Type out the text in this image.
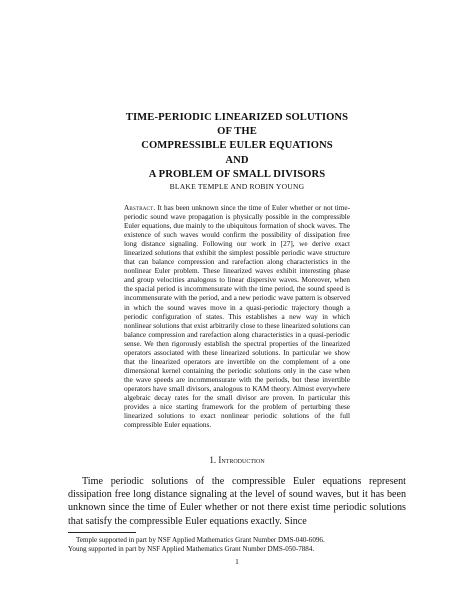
TIME-PERIODIC LINEARIZED SOLUTIONS
OF THE
COMPRESSIBLE EULER EQUATIONS
AND
A PROBLEM OF SMALL DIVISORS
BLAKE TEMPLE AND ROBIN YOUNG
Abstract. It has been unknown since the time of Euler whether or not time-periodic sound wave propagation is physically possible in the compressible Euler equations, due mainly to the ubiquitous formation of shock waves. The existence of such waves would confirm the possibility of dissipation free long distance signaling. Following our work in [27], we derive exact linearized solutions that exhibit the simplest possible periodic wave structure that can balance compression and rarefaction along characteristics in the nonlinear Euler problem. These linearized waves exhibit interesting phase and group velocities analogous to linear dispersive waves. Moreover, when the spacial period is incommensurate with the time period, the sound speed is incommensurate with the period, and a new periodic wave pattern is observed in which the sound waves move in a quasi-periodic trajectory though a periodic configuration of states. This establishes a new way in which nonlinear solutions that exist arbitrarily close to these linearized solutions can balance compression and rarefaction along characteristics in a quasi-periodic sense. We then rigorously establish the spectral properties of the linearized operators associated with these linearized solutions. In particular we show that the linearized operators are invertible on the complement of a one dimensional kernel containing the periodic solutions only in the case when the wave speeds are incommensurate with the periods, but these invertible operators have small divisors, analogous to KAM theory. Almost everywhere algebraic decay rates for the small divisor are proven. In particular this provides a nice starting framework for the problem of perturbing these linearized solutions to exact nonlinear periodic solutions of the full compressible Euler equations.
1. Introduction
Time periodic solutions of the compressible Euler equations represent dissipation free long distance signaling at the level of sound waves, but it has been unknown since the time of Euler whether or not there exist time periodic solutions that satisfy the compressible Euler equations exactly. Since
Temple supported in part by NSF Applied Mathematics Grant Number DMS-040-6096.
Young supported in part by NSF Applied Mathematics Grant Number DMS-050-7884.
1
